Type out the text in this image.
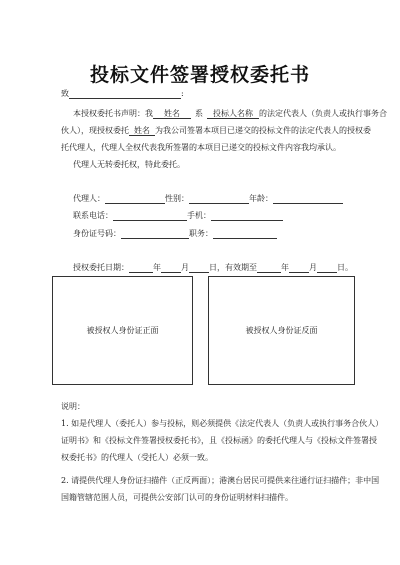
投标文件签署授权委托书
致	:
本授权委托书声明：我 姓名 系 投标人名称 的法定代表人（负责人或执行事务合
伙人），现授权委托 姓名 为我公司签署本项目已递交的投标文件的法定代表人的授权委
托代理人，代理人全权代表我所签署的本项目已递交的投标文件内容我均承认。
代理人无转委托权，特此委托。
代理人：	性别：	年龄：
联系电话：	手机：
身份证号码：	职务：
授权委托日期：	年	月	日，有效期至	年	月	日。
被授权人身份证正面	被授权人身份证反面
说明：
1. 如是代理人（委托人）参与投标，则必须提供《法定代表人（负责人或执行事务合伙人）
证明书》和《投标文件签署授权委托书》，且《投标函》的委托代理人与《投标文件签署授
权委托书》的代理人（受托人）必须一致。
2. 请提供代理人身份证扫描件（正反两面）；港澳台居民可提供来往通行证扫描件；非中国
国籍管辖范围人员，可提供公安部门认可的身份证明材料扫描件。
